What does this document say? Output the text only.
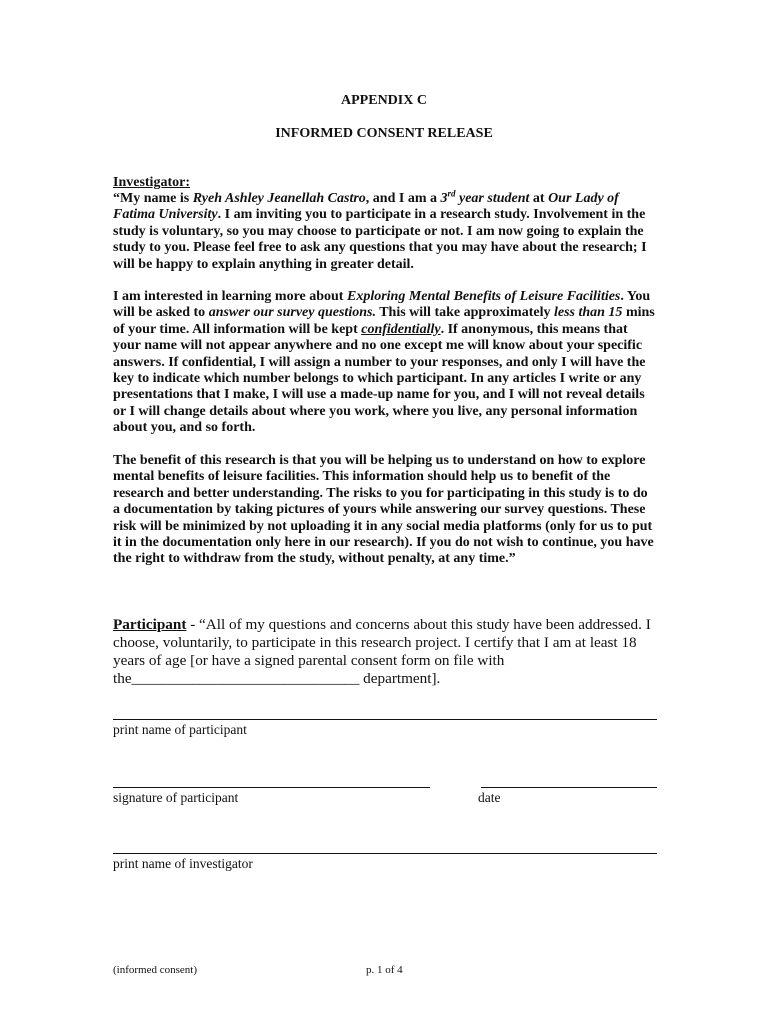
APPENDIX C
INFORMED CONSENT RELEASE
Investigator:
“My name is Ryeh Ashley Jeanellah Castro, and I am a 3rd year student at Our Lady of Fatima University. I am inviting you to participate in a research study. Involvement in the study is voluntary, so you may choose to participate or not. I am now going to explain the study to you. Please feel free to ask any questions that you may have about the research; I will be happy to explain anything in greater detail.
I am interested in learning more about Exploring Mental Benefits of Leisure Facilities. You will be asked to answer our survey questions. This will take approximately less than 15 mins of your time. All information will be kept confidentially. If anonymous, this means that your name will not appear anywhere and no one except me will know about your specific answers. If confidential, I will assign a number to your responses, and only I will have the key to indicate which number belongs to which participant. In any articles I write or any presentations that I make, I will use a made-up name for you, and I will not reveal details or I will change details about where you work, where you live, any personal information about you, and so forth.
The benefit of this research is that you will be helping us to understand on how to explore mental benefits of leisure facilities. This information should help us to benefit of the research and better understanding. The risks to you for participating in this study is to do a documentation by taking pictures of yours while answering our survey questions. These risk will be minimized by not uploading it in any social media platforms (only for us to put it in the documentation only here in our research). If you do not wish to continue, you have the right to withdraw from the study, without penalty, at any time.”
Participant - “All of my questions and concerns about this study have been addressed. I
choose, voluntarily, to participate in this research project. I certify that I am at least 18
years of age [or have a signed parental consent form on file with
the______________________________ department].
print name of participant
signature of participant	date
print name of investigator
(informed consent)	p. 1 of 4
